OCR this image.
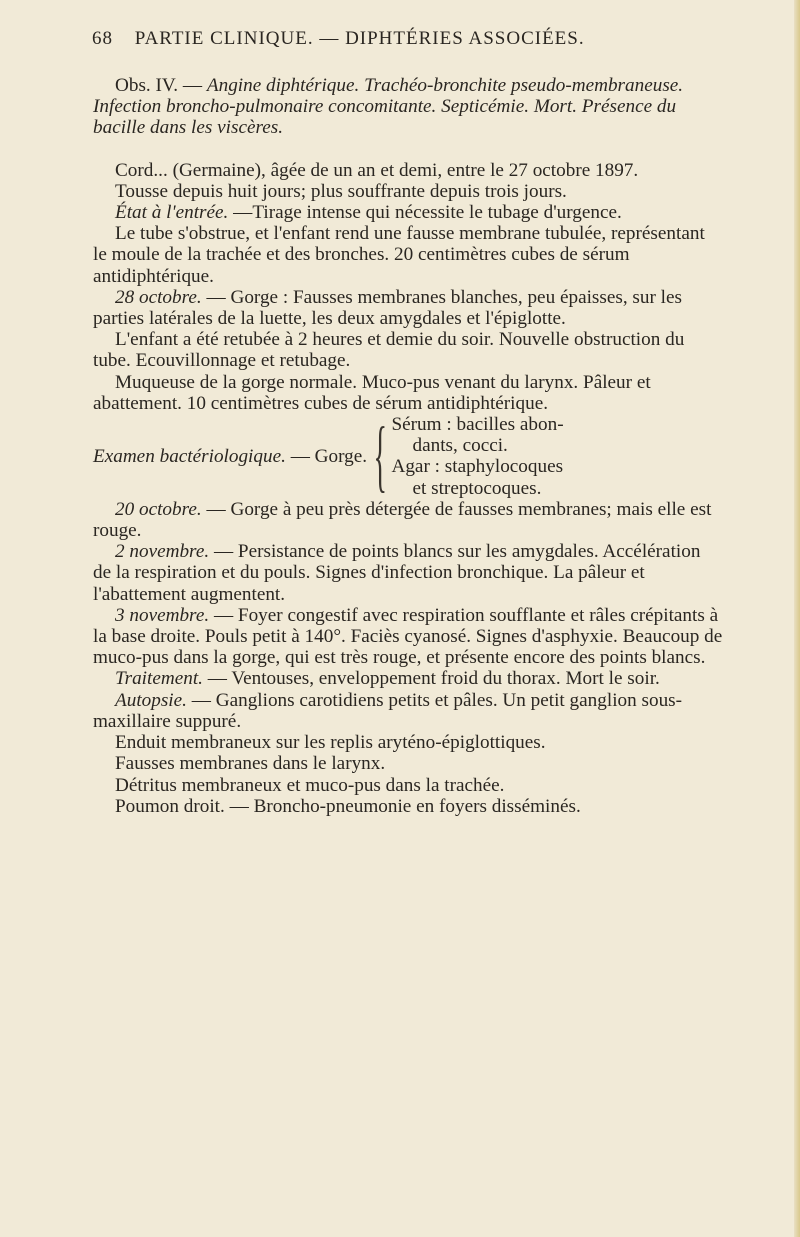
68 PARTIE CLINIQUE. — DIPHTÉRIES ASSOCIÉES.

Obs. IV. — Angine diphtérique. Trachéo-bronchite pseudo-membraneuse. Infection broncho-pulmonaire concomitante. Septicémie. Mort. Présence du bacille dans les viscères.

Cord... (Germaine), âgée de un an et demi, entre le 27 octobre 1897.

Tousse depuis huit jours; plus souffrante depuis trois jours.

État à l'entrée. —Tirage intense qui nécessite le tubage d'urgence.

Le tube s'obstrue, et l'enfant rend une fausse membrane tubulée, représentant le moule de la trachée et des bronches. 20 centimètres cubes de sérum antidiphtérique.

28 octobre. — Gorge : Fausses membranes blanches, peu épaisses, sur les parties latérales de la luette, les deux amygdales et l'épiglotte.

L'enfant a été retubée à 2 heures et demie du soir. Nouvelle obstruction du tube. Ecouvillonnage et retubage.

Muqueuse de la gorge normale. Muco-pus venant du larynx. Pâleur et abattement. 10 centimètres cubes de sérum antidiphtérique.

Examen bactériologique. — Gorge. { Sérum : bacilles abon-
dants, cocci.
Agar : staphylocoques
et streptocoques.

20 octobre. — Gorge à peu près détergée de fausses membranes; mais elle est rouge.

2 novembre. — Persistance de points blancs sur les amygdales. Accélération de la respiration et du pouls. Signes d'infection bronchique. La pâleur et l'abattement augmentent.

3 novembre. — Foyer congestif avec respiration soufflante et râles crépitants à la base droite. Pouls petit à 140°. Faciès cyanosé. Signes d'asphyxie. Beaucoup de muco-pus dans la gorge, qui est très rouge, et présente encore des points blancs.

Traitement. — Ventouses, enveloppement froid du thorax. Mort le soir.

Autopsie. — Ganglions carotidiens petits et pâles. Un petit ganglion sous-maxillaire suppuré.

Enduit membraneux sur les replis aryténo-épiglottiques.

Fausses membranes dans le larynx.

Détritus membraneux et muco-pus dans la trachée.

Poumon droit. — Broncho-pneumonie en foyers disséminés.
